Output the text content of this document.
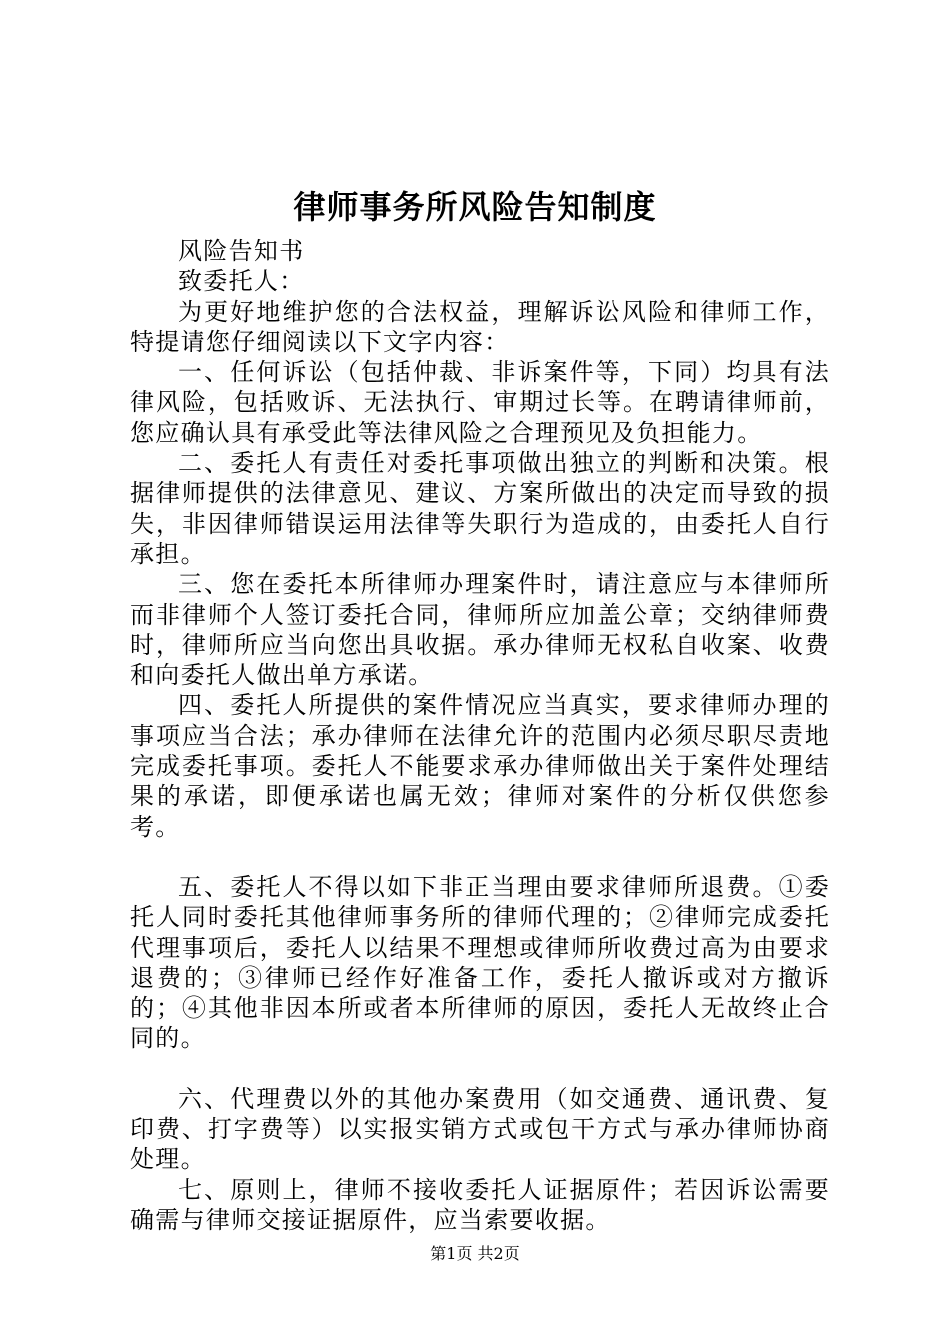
律师事务所风险告知制度

风险告知书

致委托人：

为更好地维护您的合法权益，理解诉讼风险和律师工作，特提请您仔细阅读以下文字内容：

一、任何诉讼（包括仲裁、非诉案件等，下同）均具有法律风险，包括败诉、无法执行、审期过长等。在聘请律师前，您应确认具有承受此等法律风险之合理预见及负担能力。

二、委托人有责任对委托事项做出独立的判断和决策。根据律师提供的法律意见、建议、方案所做出的决定而导致的损失，非因律师错误运用法律等失职行为造成的，由委托人自行承担。

三、您在委托本所律师办理案件时，请注意应与本律师所而非律师个人签订委托合同，律师所应加盖公章；交纳律师费时，律师所应当向您出具收据。承办律师无权私自收案、收费和向委托人做出单方承诺。

四、委托人所提供的案件情况应当真实，要求律师办理的事项应当合法；承办律师在法律允许的范围内必须尽职尽责地完成委托事项。委托人不能要求承办律师做出关于案件处理结果的承诺，即便承诺也属无效；律师对案件的分析仅供您参考。

五、委托人不得以如下非正当理由要求律师所退费。①委托人同时委托其他律师事务所的律师代理的；②律师完成委托代理事项后，委托人以结果不理想或律师所收费过高为由要求退费的；③律师已经作好准备工作，委托人撤诉或对方撤诉的；④其他非因本所或者本所律师的原因，委托人无故终止合同的。

六、代理费以外的其他办案费用（如交通费、通讯费、复印费、打字费等）以实报实销方式或包干方式与承办律师协商处理。

七、原则上，律师不接收委托人证据原件；若因诉讼需要确需与律师交接证据原件，应当索要收据。

第1页 共2页
